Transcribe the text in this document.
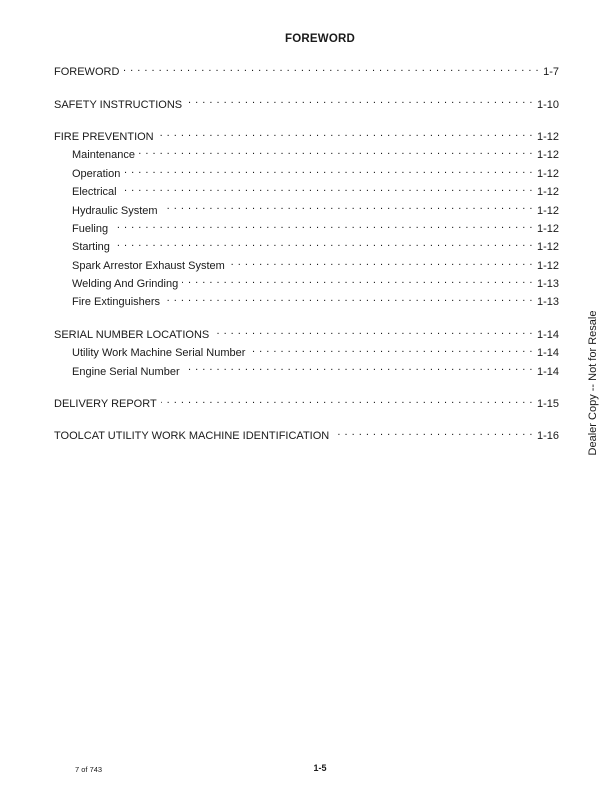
FOREWORD
FOREWORD . . .	1-7
SAFETY INSTRUCTIONS . . .	1-10
FIRE PREVENTION . . .	1-12
Maintenance . . .	1-12
Operation . . .	1-12
Electrical . . .	1-12
Hydraulic System . . .	1-12
Fueling . . .	1-12
Starting . . .	1-12
Spark Arrestor Exhaust System . . .	1-12
Welding And Grinding . . .	1-13
Fire Extinguishers . . .	1-13
SERIAL NUMBER LOCATIONS . . .	1-14
Utility Work Machine Serial Number . . .	1-14
Engine Serial Number . . .	1-14
DELIVERY REPORT . . .	1-15
TOOLCAT UTILITY WORK MACHINE IDENTIFICATION . . .	1-16	Dealer Copy -- Not for Resale
7 of 743	1-5
